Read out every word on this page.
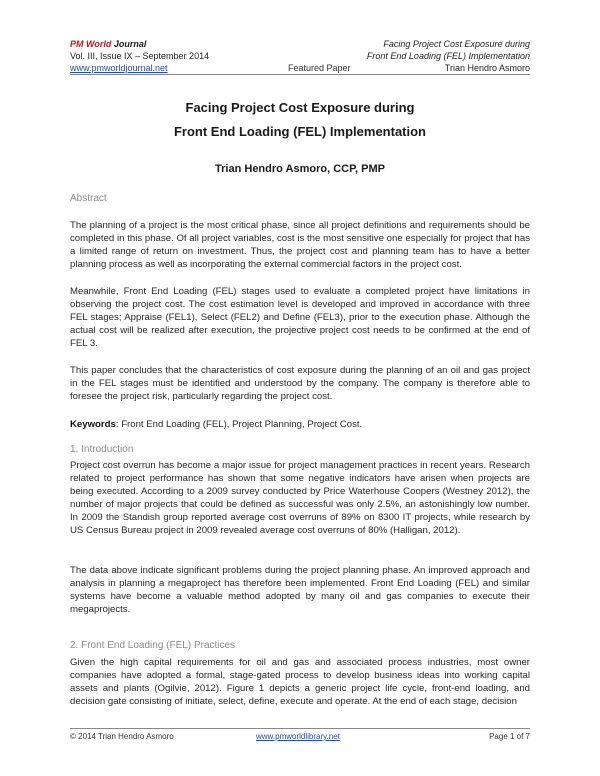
PM World Journal
Vol. III, Issue IX – September 2014
www.pmworldjournal.net	Featured Paper
Facing Project Cost Exposure during
Front End Loading (FEL) Implementation
Trian Hendro Asmoro
Facing Project Cost Exposure during
Front End Loading (FEL) Implementation
Trian Hendro Asmoro, CCP, PMP
Abstract
The planning of a project is the most critical phase, since all project definitions and requirements should be completed in this phase. Of all project variables, cost is the most sensitive one especially for project that has a limited range of return on investment. Thus, the project cost and planning team has to have a better planning process as well as incorporating the external commercial factors in the project cost.
Meanwhile, Front End Loading (FEL) stages used to evaluate a completed project have limitations in observing the project cost. The cost estimation level is developed and improved in accordance with three FEL stages; Appraise (FEL1), Select (FEL2) and Define (FEL3), prior to the execution phase. Although the actual cost will be realized after execution, the projective project cost needs to be confirmed at the end of FEL 3.
This paper concludes that the characteristics of cost exposure during the planning of an oil and gas project in the FEL stages must be identified and understood by the company. The company is therefore able to foresee the project risk, particularly regarding the project cost.
Keywords: Front End Loading (FEL), Project Planning, Project Cost.
1. Introduction
Project cost overrun has become a major issue for project management practices in recent years. Research related to project performance has shown that some negative indicators have arisen when projects are being executed. According to a 2009 survey conducted by Price Waterhouse Coopers (Westney 2012), the number of major projects that could be defined as successful was only 2.5%, an astonishingly low number. In 2009 the Standish group reported average cost overruns of 89% on 8300 IT projects, while research by US Census Bureau project in 2009 revealed average cost overruns of 80% (Halligan, 2012).
The data above indicate significant problems during the project planning phase. An improved approach and analysis in planning a megaproject has therefore been implemented. Front End Loading (FEL) and similar systems have become a valuable method adopted by many oil and gas companies to execute their megaprojects.
2. Front End Loading (FEL) Practices
Given the high capital requirements for oil and gas and associated process industries, most owner companies have adopted a formal, stage-gated process to develop business ideas into working capital assets and plants (Ogilvie, 2012). Figure 1 depicts a generic project life cycle, front-end loading, and decision gate consisting of initiate, select, define, execute and operate. At the end of each stage, decision
© 2014 Trian Hendro Asmoro	www.pmworldlibrary.net	Page 1 of 7
